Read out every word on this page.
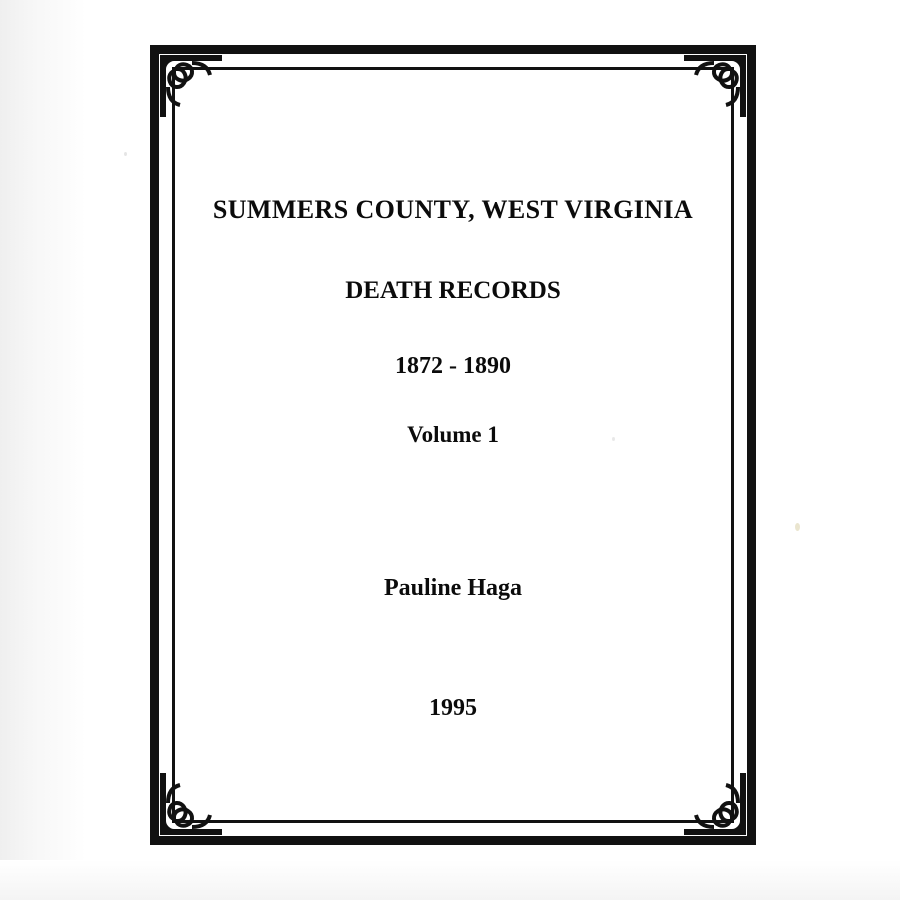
SUMMERS COUNTY, WEST VIRGINIA

DEATH RECORDS

1872 - 1890

Volume 1

Pauline Haga
1995
